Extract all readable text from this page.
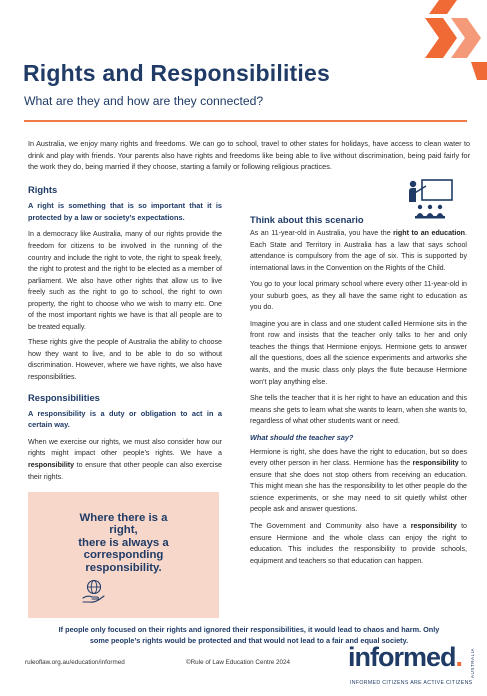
Rights and Responsibilities
What are they and how are they connected?

In Australia, we enjoy many rights and freedoms. We can go to school, travel to other states for holidays, have access to clean water to drink and play with friends. Your parents also have rights and freedoms like being able to live without discrimination, being paid fairly for the work they do, being married if they choose, starting a family or following religious practices.

Rights
A right is something that is so important that it is protected by a law or society’s expectations.

In a democracy like Australia, many of our rights provide the freedom for citizens to be involved in the running of the country and include the right to vote, the right to speak freely, the right to protest and the right to be elected as a member of parliament. We also have other rights that allow us to live freely such as the right to go to school, the right to own property, the right to choose who we wish to marry etc. One of the most important rights we have is that all people are to be treated equally.

These rights give the people of Australia the ability to choose how they want to live, and to be able to do so without discrimination. However, where we have rights, we also have responsibilities.

Responsibilities
A responsibility is a duty or obligation to act in a certain way.

When we exercise our rights, we must also consider how our rights might impact other people’s rights. We have a responsibility to ensure that other people can also exercise their rights.

Where there is a
right,
there is always a
corresponding
responsibility.
Think about this scenario

As an 11-year-old in Australia, you have the right to an education. Each State and Territory in Australia has a law that says school attendance is compulsory from the age of six. This is supported by international laws in the Convention on the Rights of the Child.

You go to your local primary school where every other 11-year-old in your suburb goes, as they all have the same right to education as you do.

Imagine you are in class and one student called Hermione sits in the front row and insists that the teacher only talks to her and only teaches the things that Hermione enjoys. Hermione gets to answer all the questions, does all the science experiments and artworks she wants, and the music class only plays the flute because Hermione won’t play anything else.

She tells the teacher that it is her right to have an education and this means she gets to learn what she wants to learn, when she wants to, regardless of what other students want or need.

What should the teacher say?

Hermione is right, she does have the right to education, but so does every other person in her class. Hermione has the responsibility to ensure that she does not stop others from receiving an education. This might mean she has the responsibility to let other people do the science experiments, or she may need to sit quietly whilst other people ask and answer questions.

The Government and Community also have a responsibility to ensure Hermione and the whole class can enjoy the right to education. This includes the responsibility to provide schools, equipment and teachers so that education can happen.

If people only focused on their rights and ignored their responsibilities, it would lead to chaos and harm. Only
some people’s rights would be protected and that would not lead to a fair and equal society.
ruleoflaw.org.au/education/informed	©Rule of Law Education Centre 2024 informed. AUSTRALIA
INFORMED CITIZENS ARE ACTIVE CITIZENS
